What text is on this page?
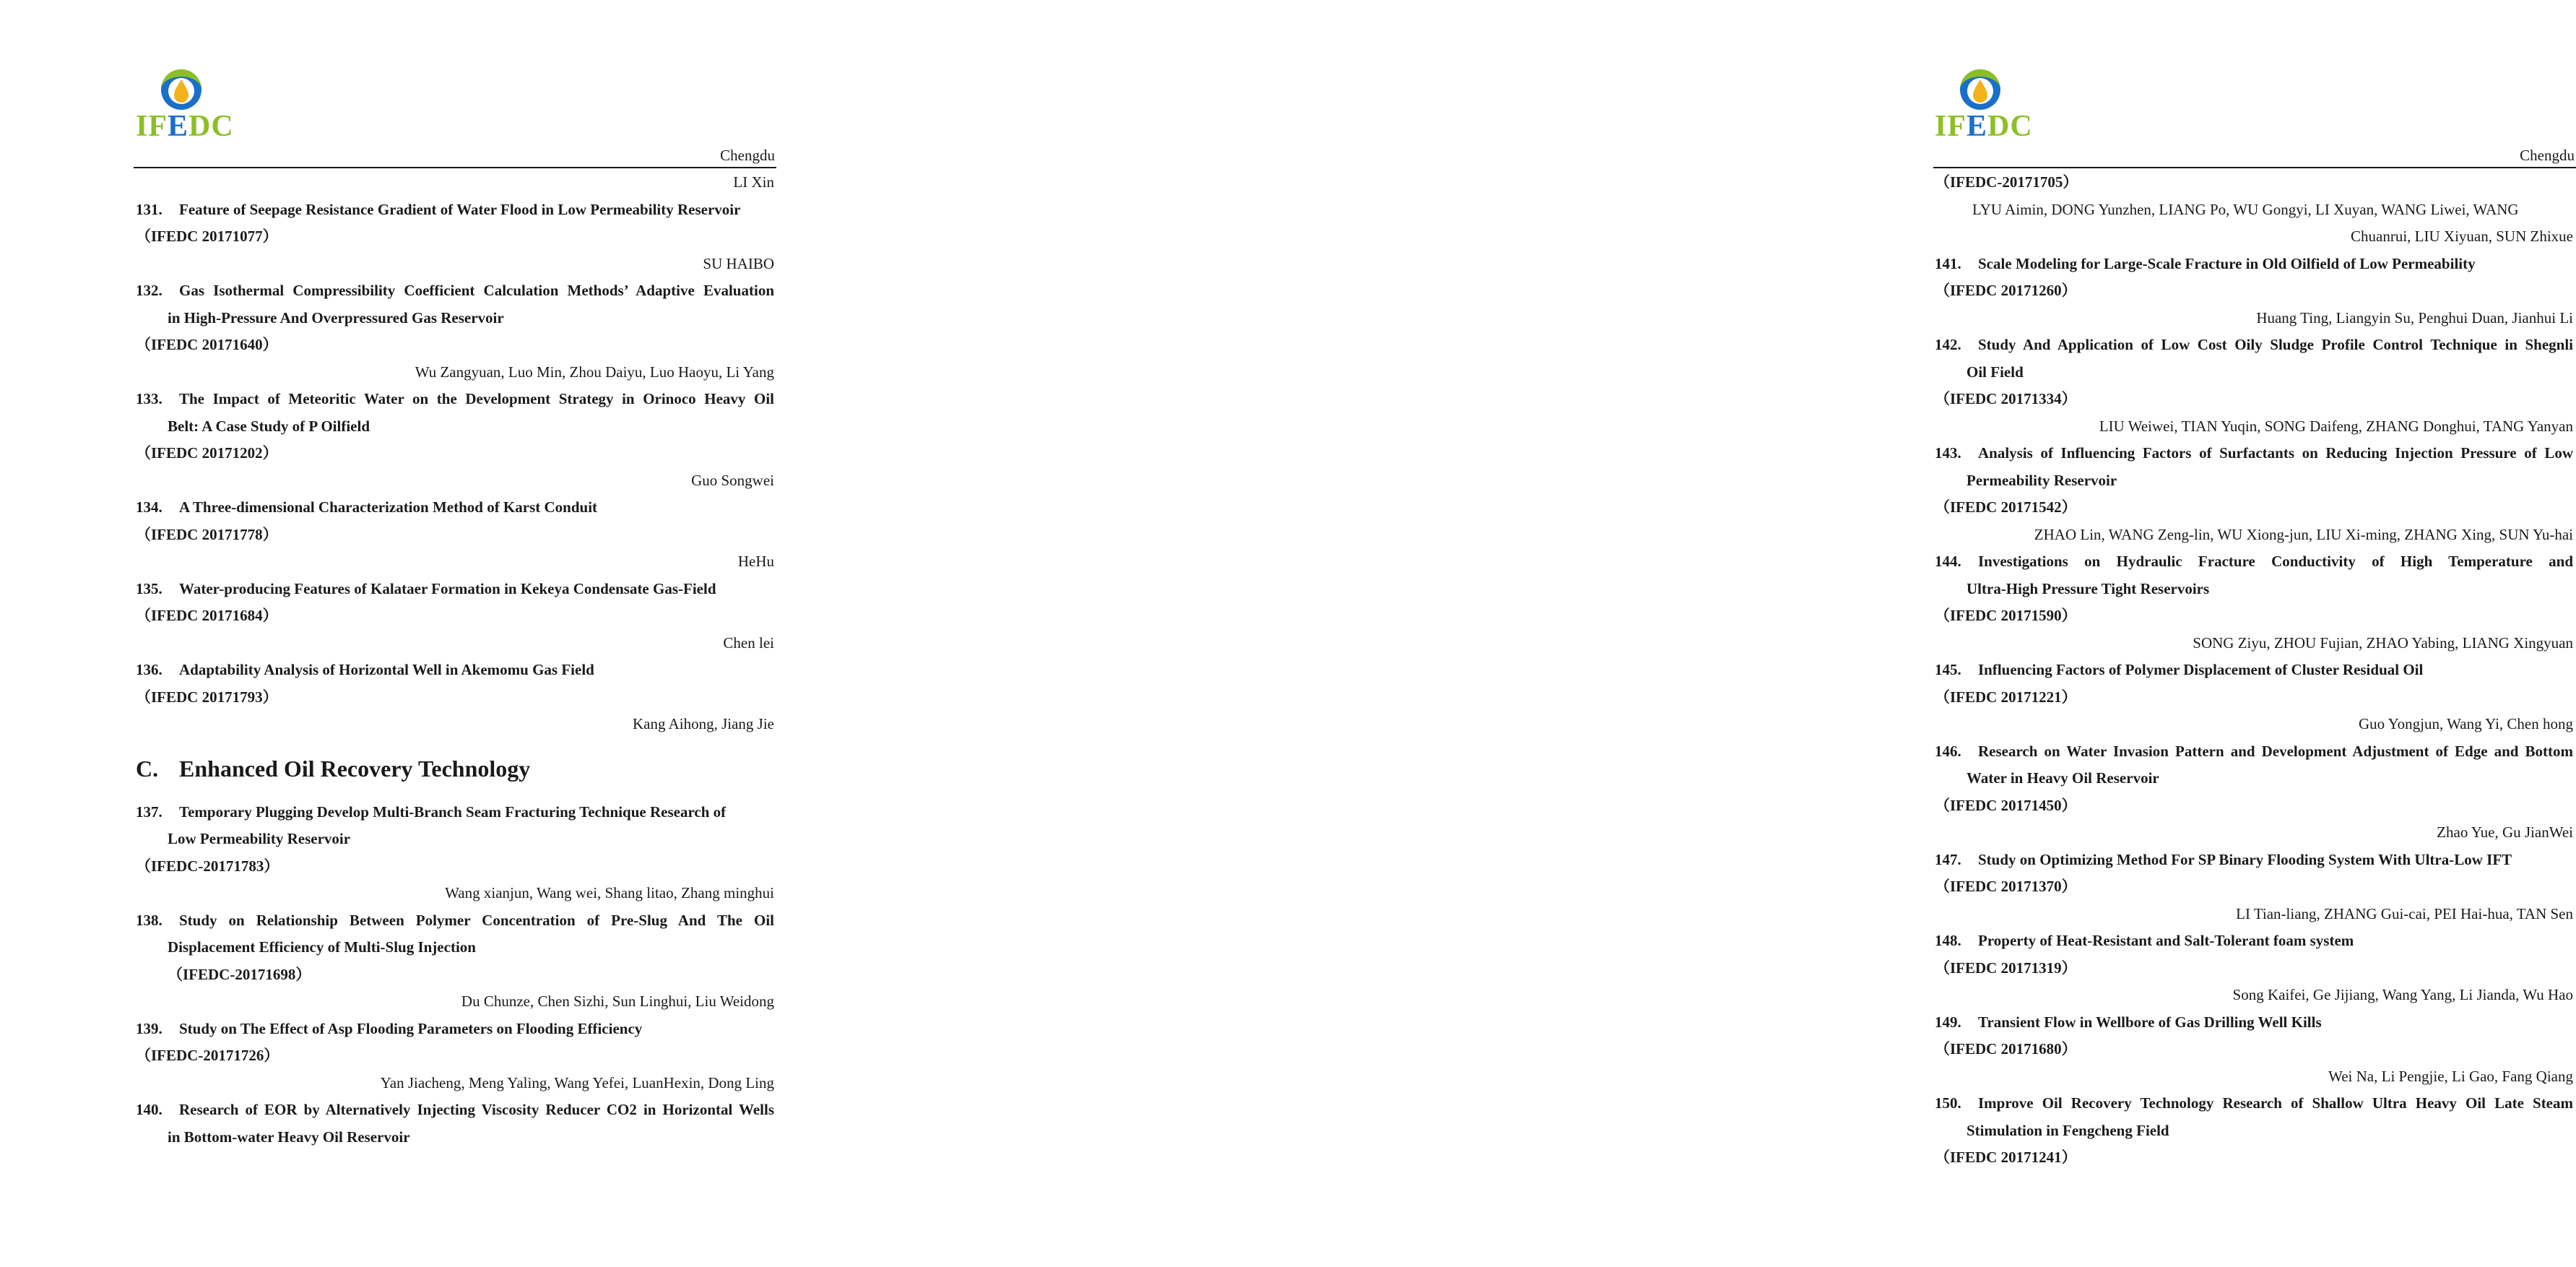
IFEDC
Chengdu
LI Xin
131. Feature of Seepage Resistance Gradient of Water Flood in Low Permeability Reservoir
（IFEDC 20171077）
SU HAIBO
132. Gas Isothermal Compressibility Coefficient Calculation Methods’ Adaptive Evaluation
in High-Pressure And Overpressured Gas Reservoir
（IFEDC 20171640）
Wu Zangyuan, Luo Min, Zhou Daiyu, Luo Haoyu, Li Yang
133. The Impact of Meteoritic Water on the Development Strategy in Orinoco Heavy Oil
Belt: A Case Study of P Oilfield
（IFEDC 20171202）
Guo Songwei
134. A Three-dimensional Characterization Method of Karst Conduit
（IFEDC 20171778）
HeHu
135. Water-producing Features of Kalataer Formation in Kekeya Condensate Gas-Field
（IFEDC 20171684）
Chen lei
136. Adaptability Analysis of Horizontal Well in Akemomu Gas Field
（IFEDC 20171793）
Kang Aihong, Jiang Jie
C. Enhanced Oil Recovery Technology
137. Temporary Plugging Develop Multi-Branch Seam Fracturing Technique Research of
Low Permeability Reservoir
（IFEDC-20171783）
Wang xianjun, Wang wei, Shang litao, Zhang minghui
138. Study on Relationship Between Polymer Concentration of Pre-Slug And The Oil
Displacement Efficiency of Multi-Slug Injection
（IFEDC-20171698）
Du Chunze, Chen Sizhi, Sun Linghui, Liu Weidong
139. Study on The Effect of Asp Flooding Parameters on Flooding Efficiency
（IFEDC-20171726）
Yan Jiacheng, Meng Yaling, Wang Yefei, LuanHexin, Dong Ling
140. Research of EOR by Alternatively Injecting Viscosity Reducer CO2 in Horizontal Wells
in Bottom-water Heavy Oil Reservoir
IFEDC
Chengdu
（IFEDC-20171705）
LYU Aimin, DONG Yunzhen, LIANG Po, WU Gongyi, LI Xuyan, WANG Liwei, WANG
Chuanrui, LIU Xiyuan, SUN Zhixue
141. Scale Modeling for Large-Scale Fracture in Old Oilfield of Low Permeability
（IFEDC 20171260）
Huang Ting, Liangyin Su, Penghui Duan, Jianhui Li
142. Study And Application of Low Cost Oily Sludge Profile Control Technique in Shegnli
Oil Field
（IFEDC 20171334）
LIU Weiwei, TIAN Yuqin, SONG Daifeng, ZHANG Donghui, TANG Yanyan
143. Analysis of Influencing Factors of Surfactants on Reducing Injection Pressure of Low
Permeability Reservoir
（IFEDC 20171542）
ZHAO Lin, WANG Zeng-lin, WU Xiong-jun, LIU Xi-ming, ZHANG Xing, SUN Yu-hai
144. Investigations on Hydraulic Fracture Conductivity of High Temperature and
Ultra-High Pressure Tight Reservoirs
（IFEDC 20171590）
SONG Ziyu, ZHOU Fujian, ZHAO Yabing, LIANG Xingyuan
145. Influencing Factors of Polymer Displacement of Cluster Residual Oil
（IFEDC 20171221）
Guo Yongjun, Wang Yi, Chen hong
146. Research on Water Invasion Pattern and Development Adjustment of Edge and Bottom
Water in Heavy Oil Reservoir
（IFEDC 20171450）
Zhao Yue, Gu JianWei
147. Study on Optimizing Method For SP Binary Flooding System With Ultra-Low IFT
（IFEDC 20171370）
LI Tian-liang, ZHANG Gui-cai, PEI Hai-hua, TAN Sen
148. Property of Heat-Resistant and Salt-Tolerant foam system
（IFEDC 20171319）
Song Kaifei, Ge Jijiang, Wang Yang, Li Jianda, Wu Hao
149. Transient Flow in Wellbore of Gas Drilling Well Kills
（IFEDC 20171680）
Wei Na, Li Pengjie, Li Gao, Fang Qiang
150. Improve Oil Recovery Technology Research of Shallow Ultra Heavy Oil Late Steam
Stimulation in Fengcheng Field
（IFEDC 20171241）
